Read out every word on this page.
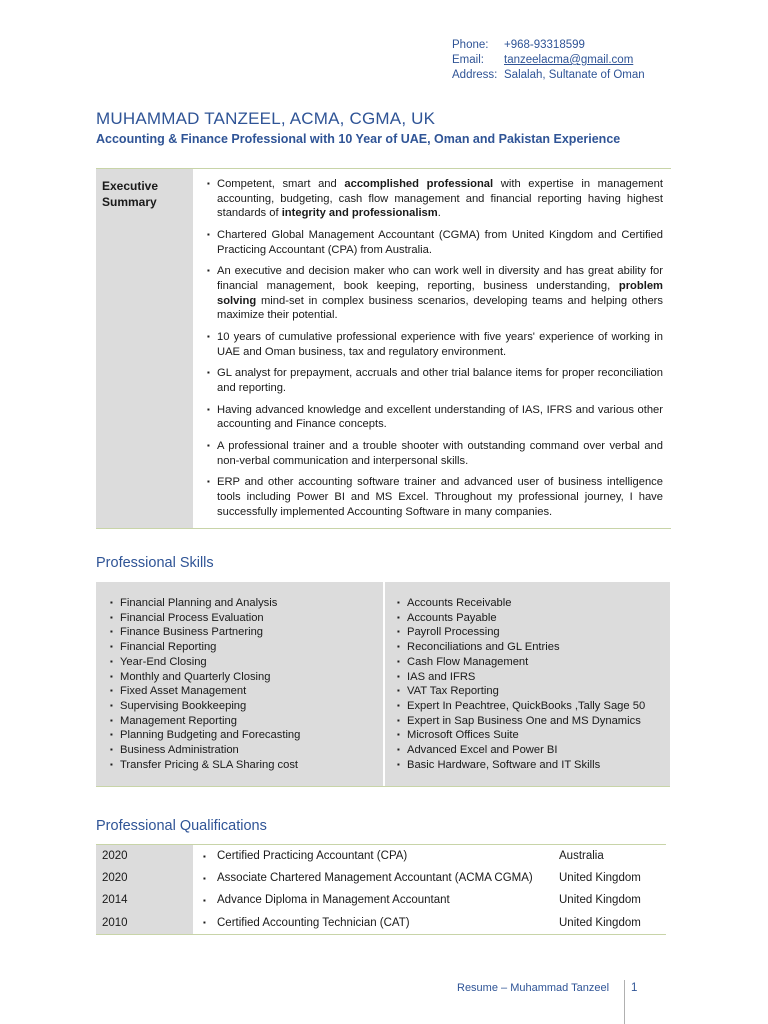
Phone:	+968-93318599
Email:	tanzeelacma@gmail.com
Address: Salalah, Sultanate of Oman
MUHAMMAD TANZEEL, ACMA, CGMA, UK
Accounting & Finance Professional with 10 Year of UAE, Oman and Pakistan Experience
Executive Summary
▪ Competent, smart and accomplished professional with expertise in management accounting, budgeting, cash flow management and financial reporting having highest standards of integrity and professionalism.
▪ Chartered Global Management Accountant (CGMA) from United Kingdom and Certified Practicing Accountant (CPA) from Australia.
▪ An executive and decision maker who can work well in diversity and has great ability for financial management, book keeping, reporting, business understanding, problem solving mind-set in complex business scenarios, developing teams and helping others maximize their potential.
▪ 10 years of cumulative professional experience with five years' experience of working in UAE and Oman business, tax and regulatory environment.
▪ GL analyst for prepayment, accruals and other trial balance items for proper reconciliation and reporting.
▪ Having advanced knowledge and excellent understanding of IAS, IFRS and various other accounting and Finance concepts.
▪ A professional trainer and a trouble shooter with outstanding command over verbal and non-verbal communication and interpersonal skills.
▪ ERP and other accounting software trainer and advanced user of business intelligence tools including Power BI and MS Excel. Throughout my professional journey, I have successfully implemented Accounting Software in many companies.
Professional Skills
▪ Financial Planning and Analysis
▪ Financial Process Evaluation
▪ Finance Business Partnering
▪ Financial Reporting
▪ Year-End Closing
▪ Monthly and Quarterly Closing
▪ Fixed Asset Management
▪ Supervising Bookkeeping
▪ Management Reporting
▪ Planning Budgeting and Forecasting
▪ Business Administration
▪ Transfer Pricing & SLA Sharing cost
▪ Accounts Receivable
▪ Accounts Payable
▪ Payroll Processing
▪ Reconciliations and GL Entries
▪ Cash Flow Management
▪ IAS and IFRS
▪ VAT Tax Reporting
▪ Expert In Peachtree, QuickBooks ,Tally Sage 50
▪ Expert in Sap Business One and MS Dynamics
▪ Microsoft Offices Suite
▪ Advanced Excel and Power BI
▪ Basic Hardware, Software and IT Skills
Professional Qualifications
2020	▪ Certified Practicing Accountant (CPA)	Australia
2020	▪ Associate Chartered Management Accountant (ACMA CGMA)	United Kingdom
2014	▪ Advance Diploma in Management Accountant	United Kingdom
2010	▪ Certified Accounting Technician (CAT)	United Kingdom
Resume – Muhammad Tanzeel 1
